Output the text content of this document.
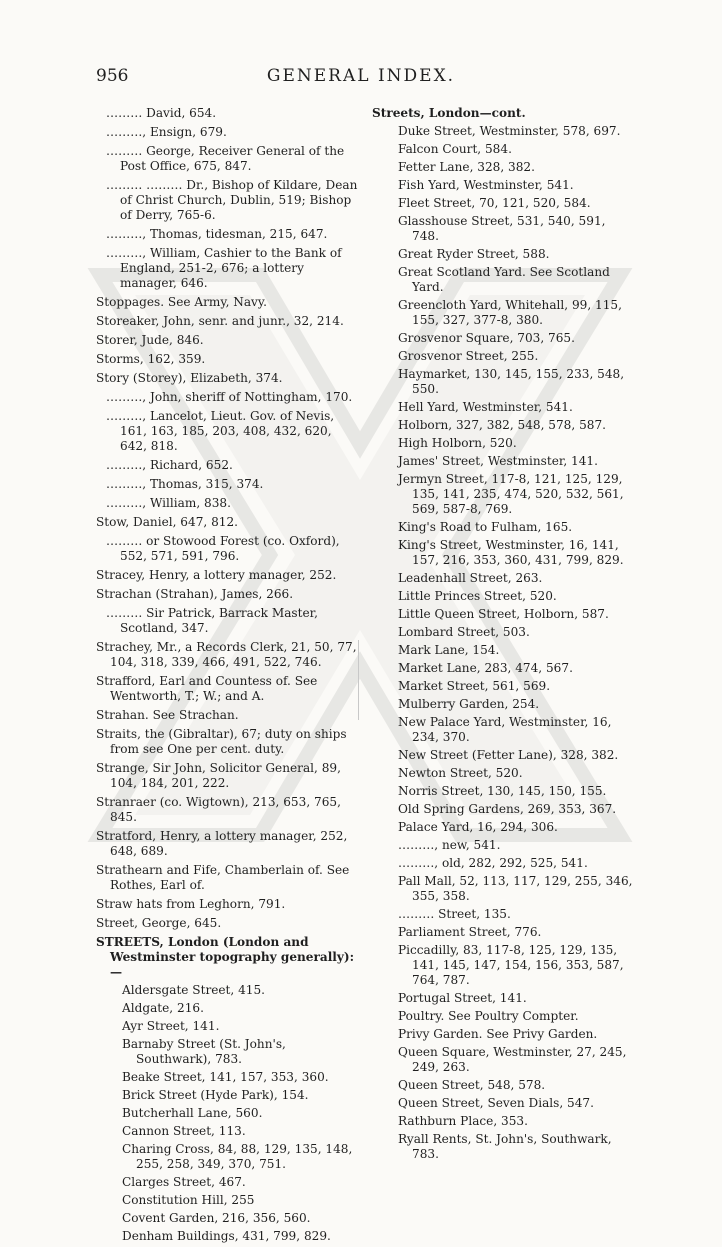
956	GENERAL INDEX.
……… David, 654.
………, Ensign, 679.
……… George, Receiver General of the Post Office, 675, 847.
……… ……… Dr., Bishop of Kildare, Dean of Christ Church, Dublin, 519; Bishop of Derry, 765-6.
………, Thomas, tidesman, 215, 647.
………, William, Cashier to the Bank of England, 251-2, 676; a lottery manager, 646.
Stoppages. See Army, Navy.
Storeaker, John, senr. and junr., 32, 214.
Storer, Jude, 846.
Storms, 162, 359.
Story (Storey), Elizabeth, 374.
………, John, sheriff of Nottingham, 170.
………, Lancelot, Lieut. Gov. of Nevis, 161, 163, 185, 203, 408, 432, 620, 642, 818.
………, Richard, 652.
………, Thomas, 315, 374.
………, William, 838.
Stow, Daniel, 647, 812.
……… or Stowood Forest (co. Oxford), 552, 571, 591, 796.
Stracey, Henry, a lottery manager, 252.
Strachan (Strahan), James, 266.
……… Sir Patrick, Barrack Master, Scotland, 347.
Strachey, Mr., a Records Clerk, 21, 50, 77, 104, 318, 339, 466, 491, 522, 746.
Strafford, Earl and Countess of. See Wentworth, T.; W.; and A.
Strahan. See Strachan.
Straits, the (Gibraltar), 67; duty on ships from see One per cent. duty.
Strange, Sir John, Solicitor General, 89, 104, 184, 201, 222.
Stranraer (co. Wigtown), 213, 653, 765, 845.
Stratford, Henry, a lottery manager, 252, 648, 689.
Strathearn and Fife, Chamberlain of. See Rothes, Earl of.
Straw hats from Leghorn, 791.
Street, George, 645.
STREETS, London (London and Westminster topography generally):—
Aldersgate Street, 415.
Aldgate, 216.
Ayr Street, 141.
Barnaby Street (St. John's, Southwark), 783.
Beake Street, 141, 157, 353, 360.
Brick Street (Hyde Park), 154.
Butcherhall Lane, 560.
Cannon Street, 113.
Charing Cross, 84, 88, 129, 135, 148, 255, 258, 349, 370, 751.
Clarges Street, 467.
Constitution Hill, 255
Covent Garden, 216, 356, 560.
Denham Buildings, 431, 799, 829.
Streets, London—cont.
Duke Street, Westminster, 578, 697.
Falcon Court, 584.
Fetter Lane, 328, 382.
Fish Yard, Westminster, 541.
Fleet Street, 70, 121, 520, 584.
Glasshouse Street, 531, 540, 591, 748.
Great Ryder Street, 588.
Great Scotland Yard. See Scotland Yard.
Greencloth Yard, Whitehall, 99, 115, 155, 327, 377-8, 380.
Grosvenor Square, 703, 765.
Grosvenor Street, 255.
Haymarket, 130, 145, 155, 233, 548, 550.
Hell Yard, Westminster, 541.
Holborn, 327, 382, 548, 578, 587.
High Holborn, 520.
James' Street, Westminster, 141.
Jermyn Street, 117-8, 121, 125, 129, 135, 141, 235, 474, 520, 532, 561, 569, 587-8, 769.
King's Road to Fulham, 165.
King's Street, Westminster, 16, 141, 157, 216, 353, 360, 431, 799, 829.
Leadenhall Street, 263.
Little Princes Street, 520.
Little Queen Street, Holborn, 587.
Lombard Street, 503.
Mark Lane, 154.
Market Lane, 283, 474, 567.
Market Street, 561, 569.
Mulberry Garden, 254.
New Palace Yard, Westminster, 16, 234, 370.
New Street (Fetter Lane), 328, 382.
Newton Street, 520.
Norris Street, 130, 145, 150, 155.
Old Spring Gardens, 269, 353, 367.
Palace Yard, 16, 294, 306.
………, new, 541.
………, old, 282, 292, 525, 541.
Pall Mall, 52, 113, 117, 129, 255, 346, 355, 358.
……… Street, 135.
Parliament Street, 776.
Piccadilly, 83, 117-8, 125, 129, 135, 141, 145, 147, 154, 156, 353, 587, 764, 787.
Portugal Street, 141.
Poultry. See Poultry Compter.
Privy Garden. See Privy Garden.
Queen Square, Westminster, 27, 245, 249, 263.
Queen Street, 548, 578.
Queen Street, Seven Dials, 547.
Rathburn Place, 353.
Ryall Rents, St. John's, Southwark, 783.
